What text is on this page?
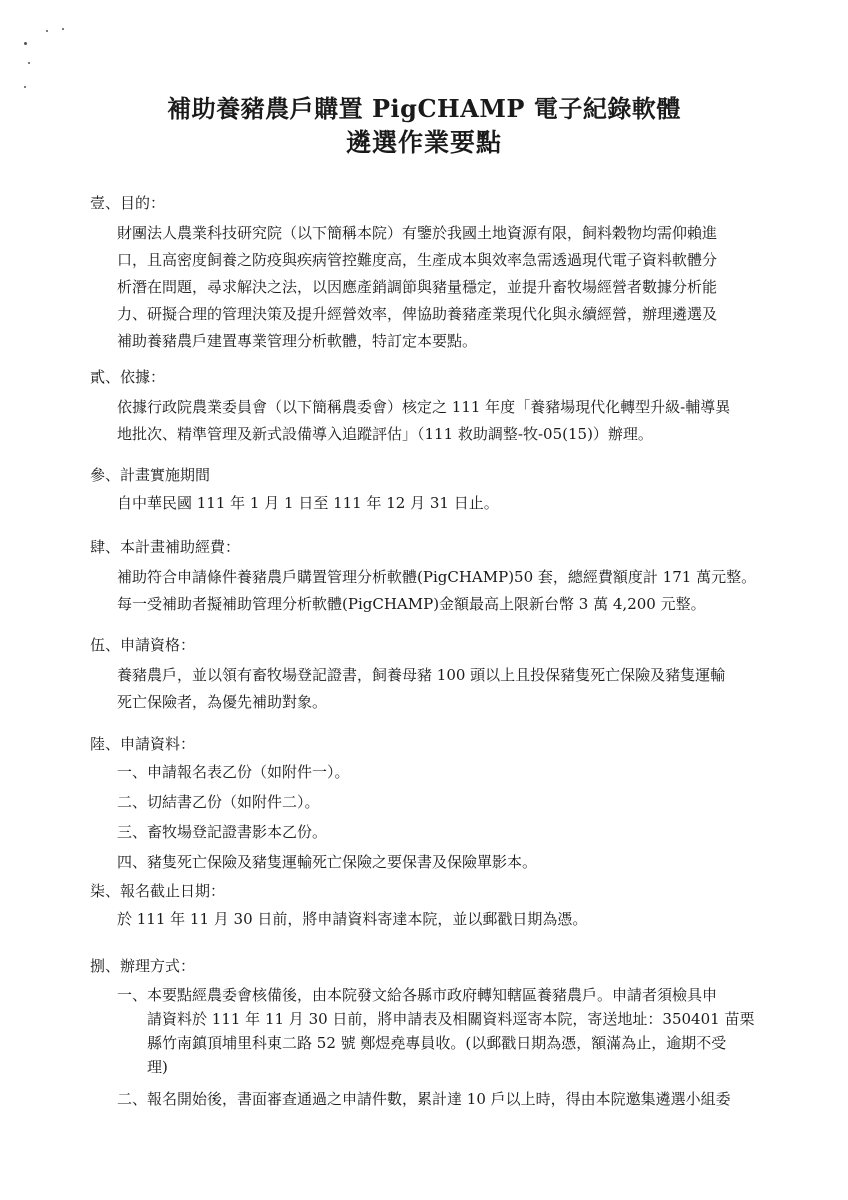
補助養豬農戶購置 PigCHAMP 電子紀錄軟體
遴選作業要點
壹、目的：
財團法人農業科技研究院（以下簡稱本院）有鑒於我國土地資源有限，飼料穀物均需仰賴進
口，且高密度飼養之防疫與疾病管控難度高，生產成本與效率急需透過現代電子資料軟體分
析潛在問題，尋求解決之法，以因應產銷調節與豬量穩定，並提升畜牧場經營者數據分析能
力、研擬合理的管理決策及提升經營效率，俾協助養豬產業現代化與永續經營，辦理遴選及
補助養豬農戶建置專業管理分析軟體，特訂定本要點。
貳、依據：
依據行政院農業委員會（以下簡稱農委會）核定之 111 年度「養豬場現代化轉型升級-輔導異
地批次、精準管理及新式設備導入追蹤評估」（111 救助調整-牧-05(15)）辦理。
參、計畫實施期間
自中華民國 111 年 1 月 1 日至 111 年 12 月 31 日止。
肆、本計畫補助經費：
補助符合申請條件養豬農戶購置管理分析軟體(PigCHAMP)50 套，總經費額度計 171 萬元整。
每一受補助者擬補助管理分析軟體(PigCHAMP)金額最高上限新台幣 3 萬 4,200 元整。
伍、申請資格：
養豬農戶，並以領有畜牧場登記證書，飼養母豬 100 頭以上且投保豬隻死亡保險及豬隻運輸
死亡保險者，為優先補助對象。
陸、申請資料：
一、申請報名表乙份（如附件一）。
二、切結書乙份（如附件二）。
三、畜牧場登記證書影本乙份。
四、豬隻死亡保險及豬隻運輸死亡保險之要保書及保險單影本。
柒、報名截止日期：
於 111 年 11 月 30 日前，將申請資料寄達本院，並以郵戳日期為憑。
捌、辦理方式：
一、 本要點經農委會核備後，由本院發文給各縣市政府轉知轄區養豬農戶。申請者須檢具申
請資料於 111 年 11 月 30 日前，將申請表及相關資料逕寄本院，寄送地址：350401 苗栗
縣竹南鎮頂埔里科東二路 52 號 鄭煜堯專員收。(以郵戳日期為憑，額滿為止，逾期不受
理)
二、 報名開始後，書面審查通過之申請件數，累計達 10 戶以上時，得由本院邀集遴選小組委
